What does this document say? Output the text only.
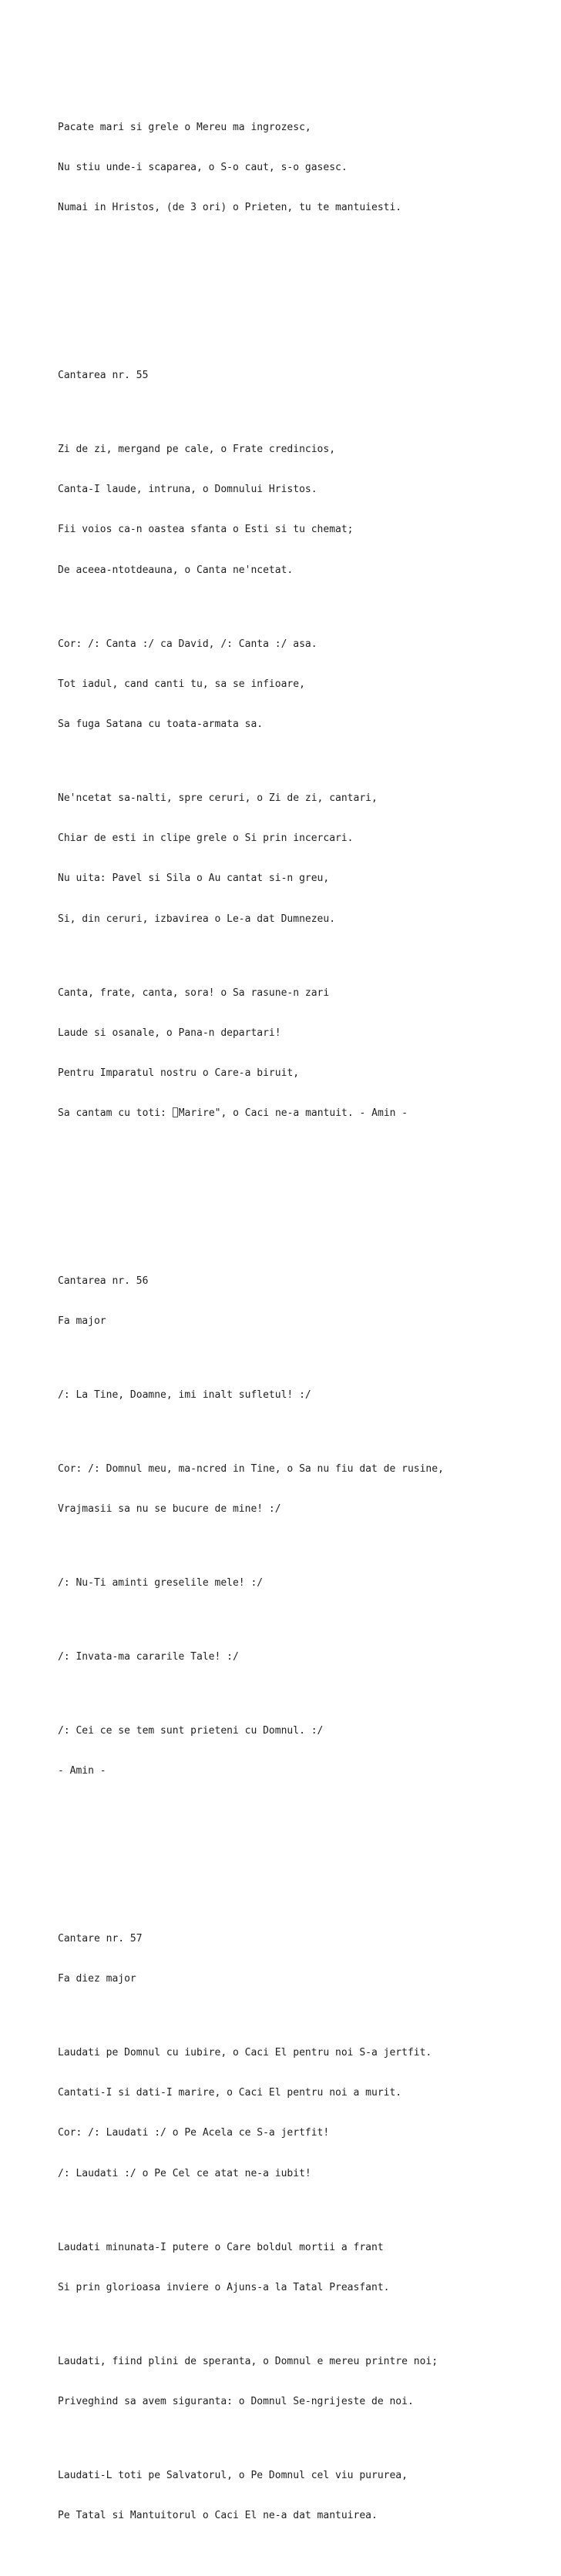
Pacate mari si grele o Mereu ma ingrozesc,

Nu stiu unde-i scaparea, o S-o caut, s-o gasesc.

Numai in Hristos, (de 3 ori) o Prieten, tu te mantuiesti.

Cantarea nr. 55

Zi de zi, mergand pe cale, o Frate credincios,

Canta-I laude, intruna, o Domnului Hristos.

Fii voios ca-n oastea sfanta o Esti si tu chemat;

De aceea-ntotdeauna, o Canta ne'ncetat.

Cor: /: Canta :/ ca David, /: Canta :/ asa.

Tot iadul, cand canti tu, sa se infioare,

Sa fuga Satana cu toata-armata sa.

Ne'ncetat sa-nalti, spre ceruri, o Zi de zi, cantari,

Chiar de esti in clipe grele o Si prin incercari.

Nu uita: Pavel si Sila o Au cantat si-n greu,

Si, din ceruri, izbavirea o Le-a dat Dumnezeu.

Canta, frate, canta, sora! o Sa rasune-n zari

Laude si osanale, o Pana-n departari!

Pentru Imparatul nostru o Care-a biruit,

Sa cantam cu toti: Marire", o Caci ne-a mantuit. - Amin -

Cantarea nr. 56

Fa major

/: La Tine, Doamne, imi inalt sufletul! :/

Cor: /: Domnul meu, ma-ncred in Tine, o Sa nu fiu dat de rusine,

Vrajmasii sa nu se bucure de mine! :/

/: Nu-Ti aminti greselile mele! :/

/: Invata-ma cararile Tale! :/

/: Cei ce se tem sunt prieteni cu Domnul. :/

- Amin -

Cantare nr. 57

Fa diez major

Laudati pe Domnul cu iubire, o Caci El pentru noi S-a jertfit.

Cantati-I si dati-I marire, o Caci El pentru noi a murit.

Cor: /: Laudati :/ o Pe Acela ce S-a jertfit!

/: Laudati :/ o Pe Cel ce atat ne-a iubit!

Laudati minunata-I putere o Care boldul mortii a frant

Si prin glorioasa inviere o Ajuns-a la Tatal Preasfant.

Laudati, fiind plini de speranta, o Domnul e mereu printre noi;

Priveghind sa avem siguranta: o Domnul Se-ngrijeste de noi.

Laudati-L toti pe Salvatorul, o Pe Domnul cel viu pururea,

Pe Tatal si Mantuitorul o Caci El ne-a dat mantuirea.
